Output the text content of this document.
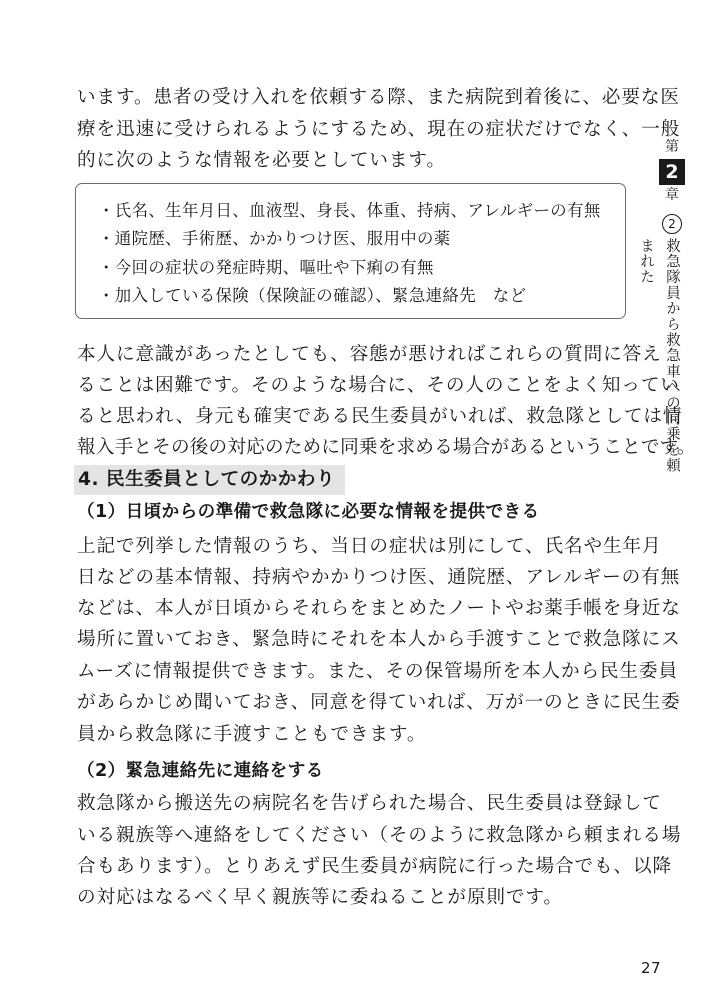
います。患者の受け入れを依頼する際、また病院到着後に、必要な医
療を迅速に受けられるようにするため、現在の症状だけでなく、一般
的に次のような情報を必要としています。
・氏名、生年月日、血液型、身長、体重、持病、アレルギーの有無
・通院歴、手術歴、かかりつけ医、服用中の薬
・今回の症状の発症時期、嘔吐や下痢の有無
・加入している保険（保険証の確認）、緊急連絡先　など
本人に意識があったとしても、容態が悪ければこれらの質問に答え
ることは困難です。そのような場合に、その人のことをよく知ってい
ると思われ、身元も確実である民生委員がいれば、救急隊としては情
報入手とその後の対応のために同乗を求める場合があるということです。
4. 民生委員としてのかかわり
（1）日頃からの準備で救急隊に必要な情報を提供できる
上記で列挙した情報のうち、当日の症状は別にして、氏名や生年月
日などの基本情報、持病やかかりつけ医、通院歴、アレルギーの有無
などは、本人が日頃からそれらをまとめたノートやお薬手帳を身近な
場所に置いておき、緊急時にそれを本人から手渡すことで救急隊にス
ムーズに情報提供できます。また、その保管場所を本人から民生委員
があらかじめ聞いておき、同意を得ていれば、万が一のときに民生委
員から救急隊に手渡すこともできます。
（2）緊急連絡先に連絡をする
救急隊から搬送先の病院名を告げられた場合、民生委員は登録して
いる親族等へ連絡をしてください（そのように救急隊から頼まれる場
合もあります）。とりあえず民生委員が病院に行った場合でも、以降
の対応はなるべく早く親族等に委ねることが原則です。
第
2
章
2
救急隊員から救急車への同乗を頼まれた
27
